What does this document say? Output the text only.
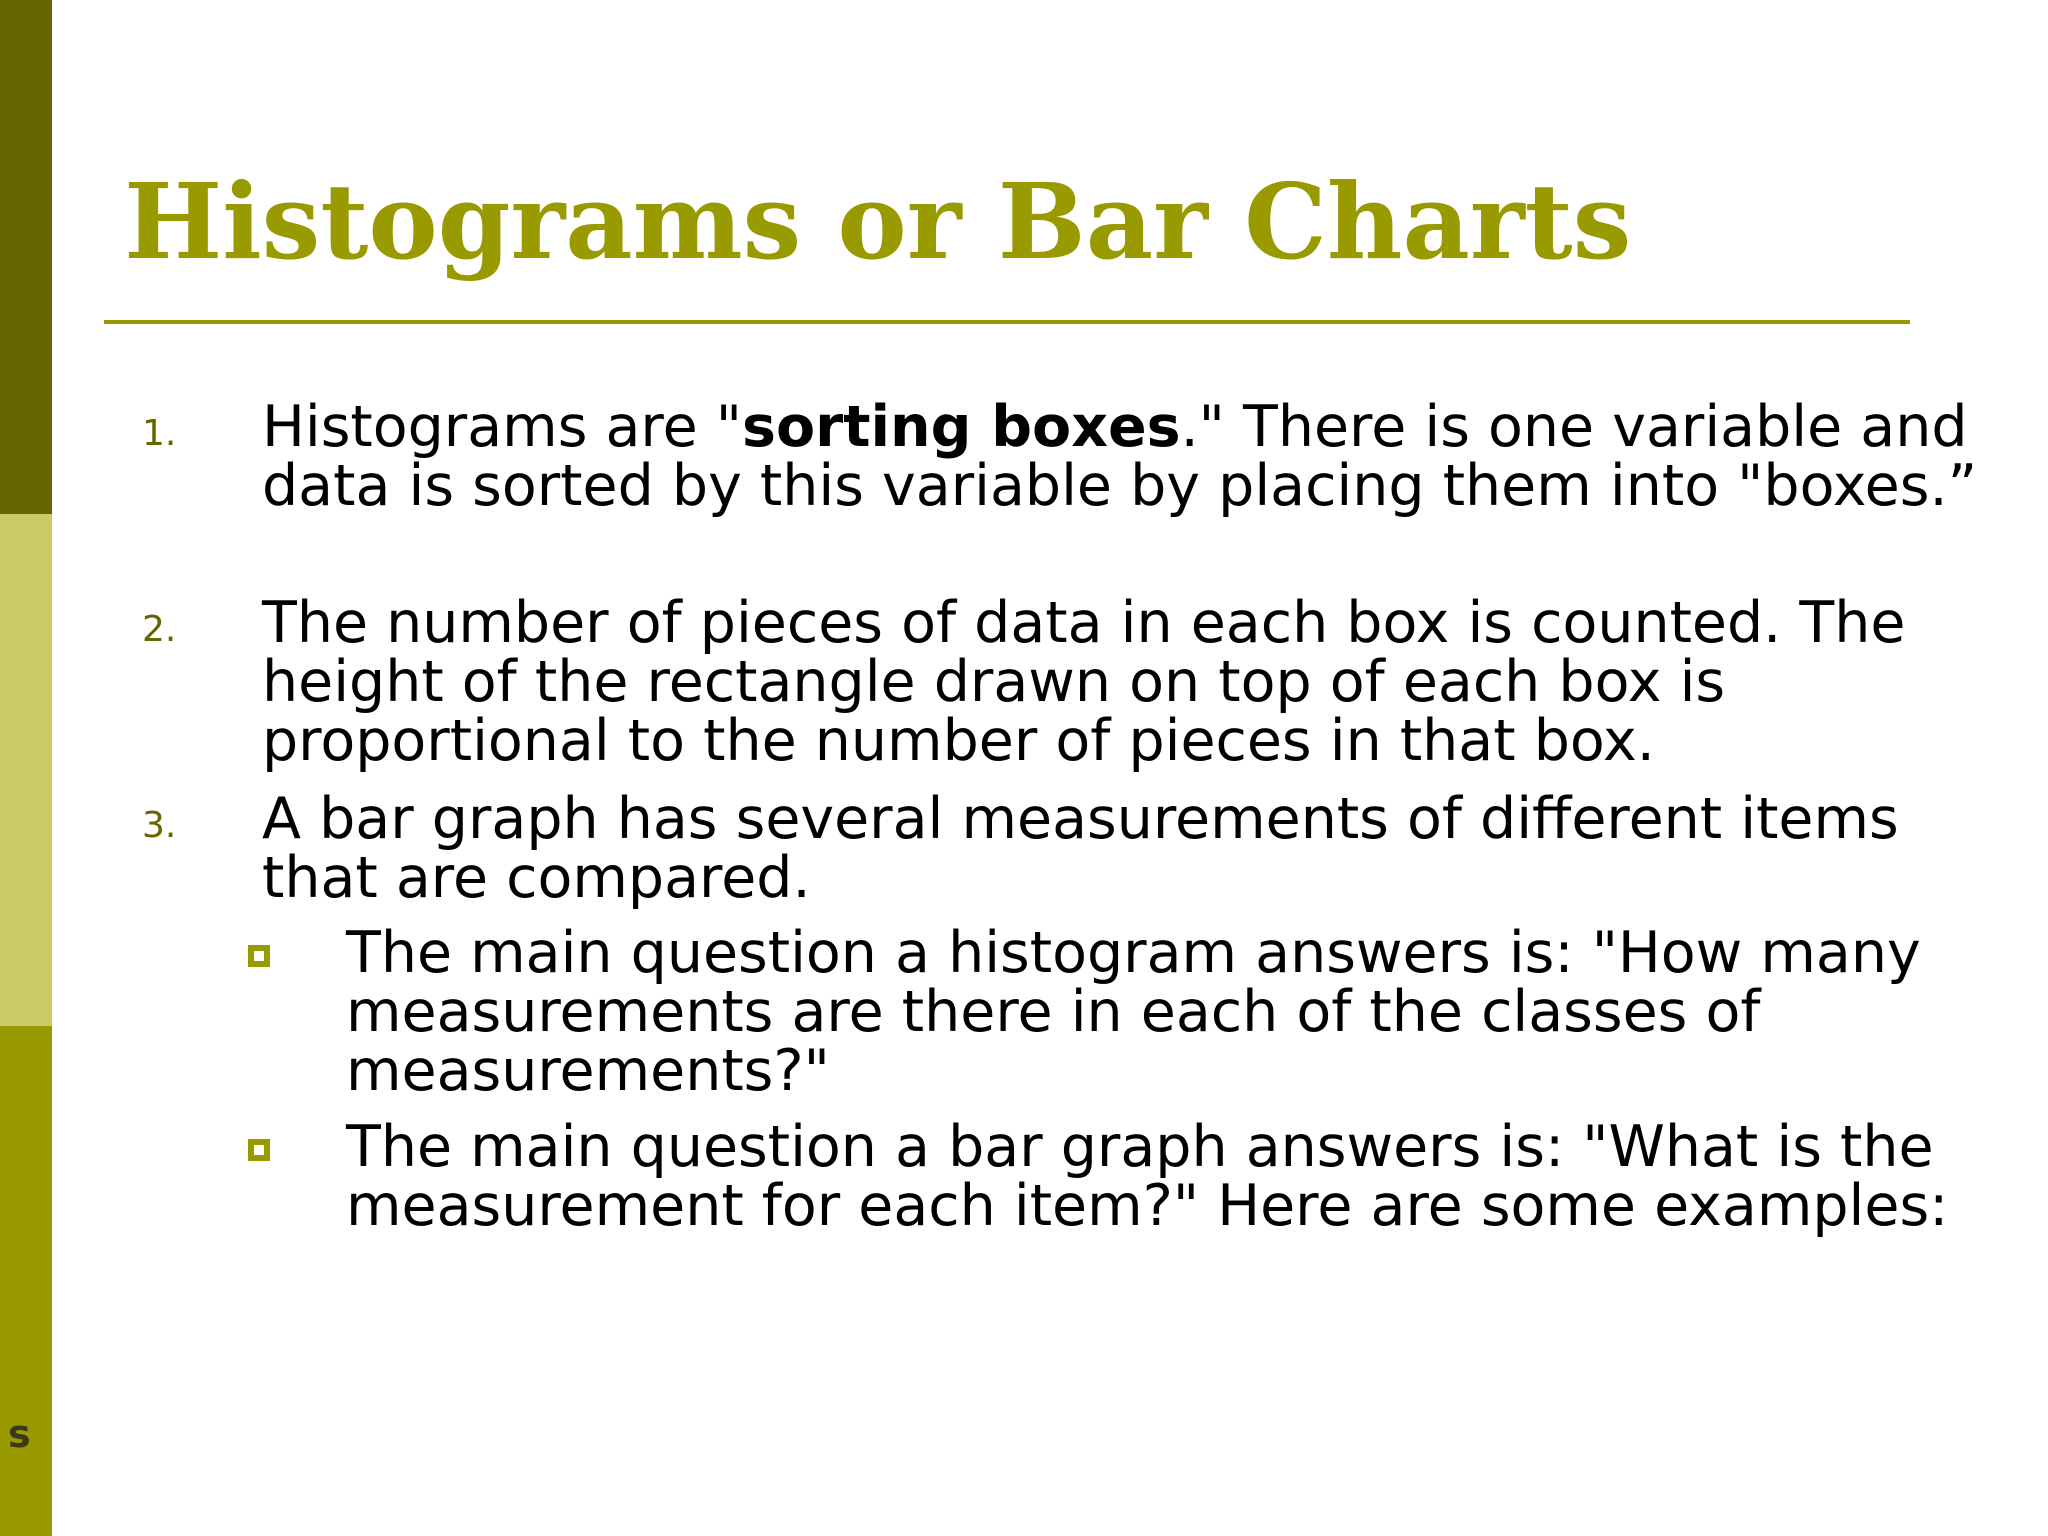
s
Histograms or Bar Charts
1. Histograms are "sorting boxes." There is one variable and data is sorted by this variable by placing them into "boxes.”
2. The number of pieces of data in each box is counted. The height of the rectangle drawn on top of each box is proportional to the number of pieces in that box.
3. A bar graph has several measurements of different items that are compared.
The main question a histogram answers is: "How many measurements are there in each of the classes of measurements?"
The main question a bar graph answers is: "What is the measurement for each item?" Here are some examples:
